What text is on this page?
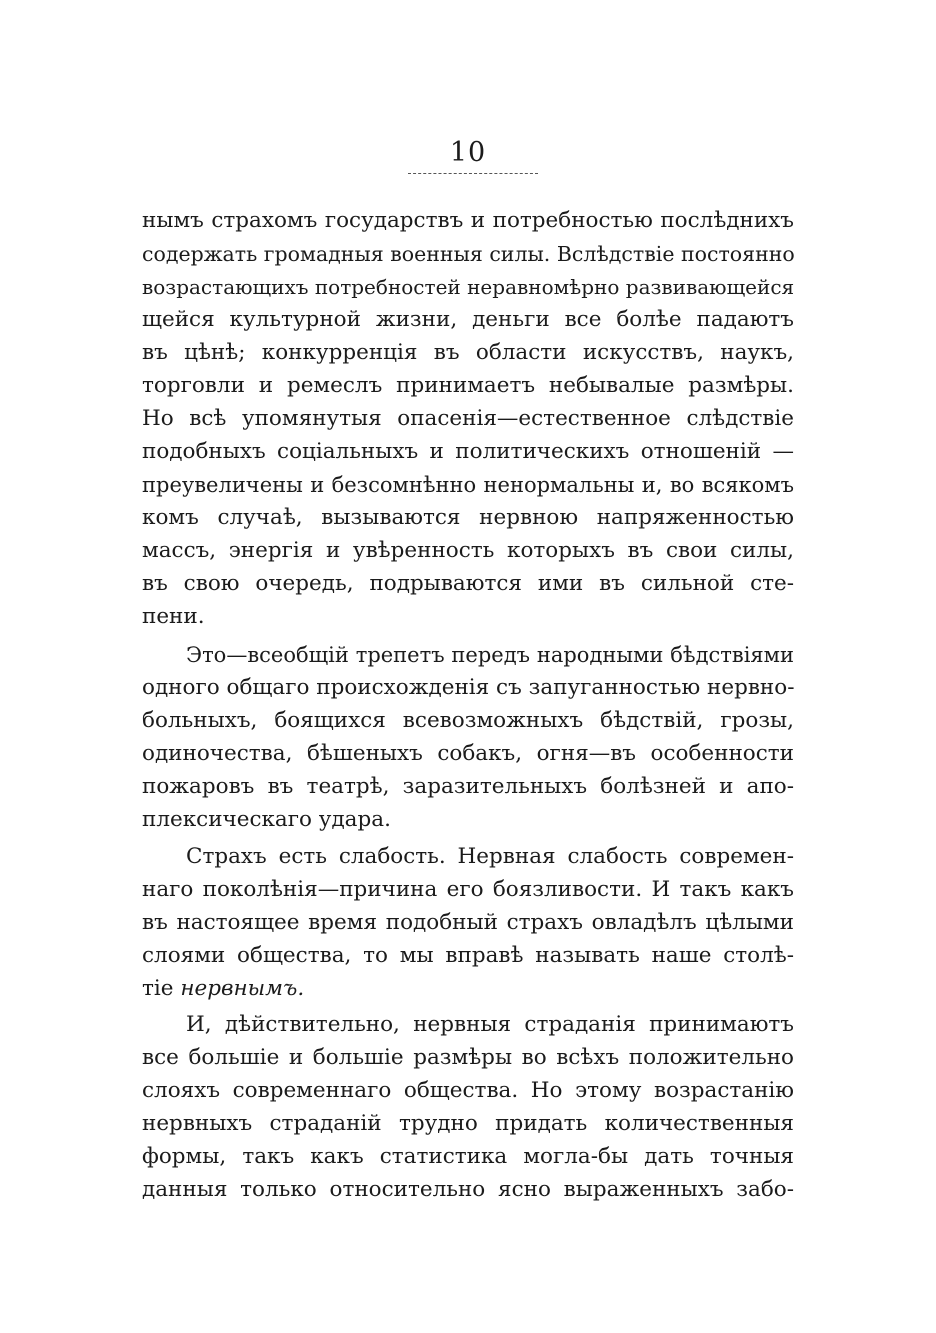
10
нымъ страхомъ государствъ и потребностью послѣднихъ
содержать громадныя военныя силы. Вслѣдствіе постоянно
возрастающихъ потребностей неравномѣрно развивающейся
щейся культурной жизни, деньги все болѣе падаютъ
въ цѣнѣ; конкурренція въ области искусствъ, наукъ,
торговли и ремеслъ принимаетъ небывалые размѣры.
Но всѣ упомянутыя опасенія—естественное слѣдствіе
подобныхъ соціальныхъ и политическихъ отношеній —
преувеличены и безсомнѣнно ненормальны и, во всякомъ
комъ случаѣ, вызываются нервною напряженностью
массъ, энергія и увѣренность которыхъ въ свои силы,
въ свою очередь, подрываются ими въ сильной сте-
пени.
Это—всеобщій трепетъ передъ народными бѣдствіями
одного общаго происхожденія съ запуганностью нервно-
больныхъ, боящихся всевозможныхъ бѣдствій, грозы,
одиночества, бѣшеныхъ собакъ, огня—въ особенности
пожаровъ въ театрѣ, заразительныхъ болѣзней и апо-
плексическаго удара.
Страхъ есть слабость. Нервная слабость современ-
наго поколѣнія—причина его боязливости. И такъ какъ
въ настоящее время подобный страхъ овладѣлъ цѣлыми
слоями общества, то мы вправѣ называть наше столѣ-
тіе нервнымъ.
И, дѣйствительно, нервныя страданія принимаютъ
все большіе и большіе размѣры во всѣхъ положительно
слояхъ современнаго общества. Но этому возрастанію
нервныхъ страданій трудно придать количественныя
формы, такъ какъ статистика могла-бы дать точныя
данныя только относительно ясно выраженныхъ забо-
